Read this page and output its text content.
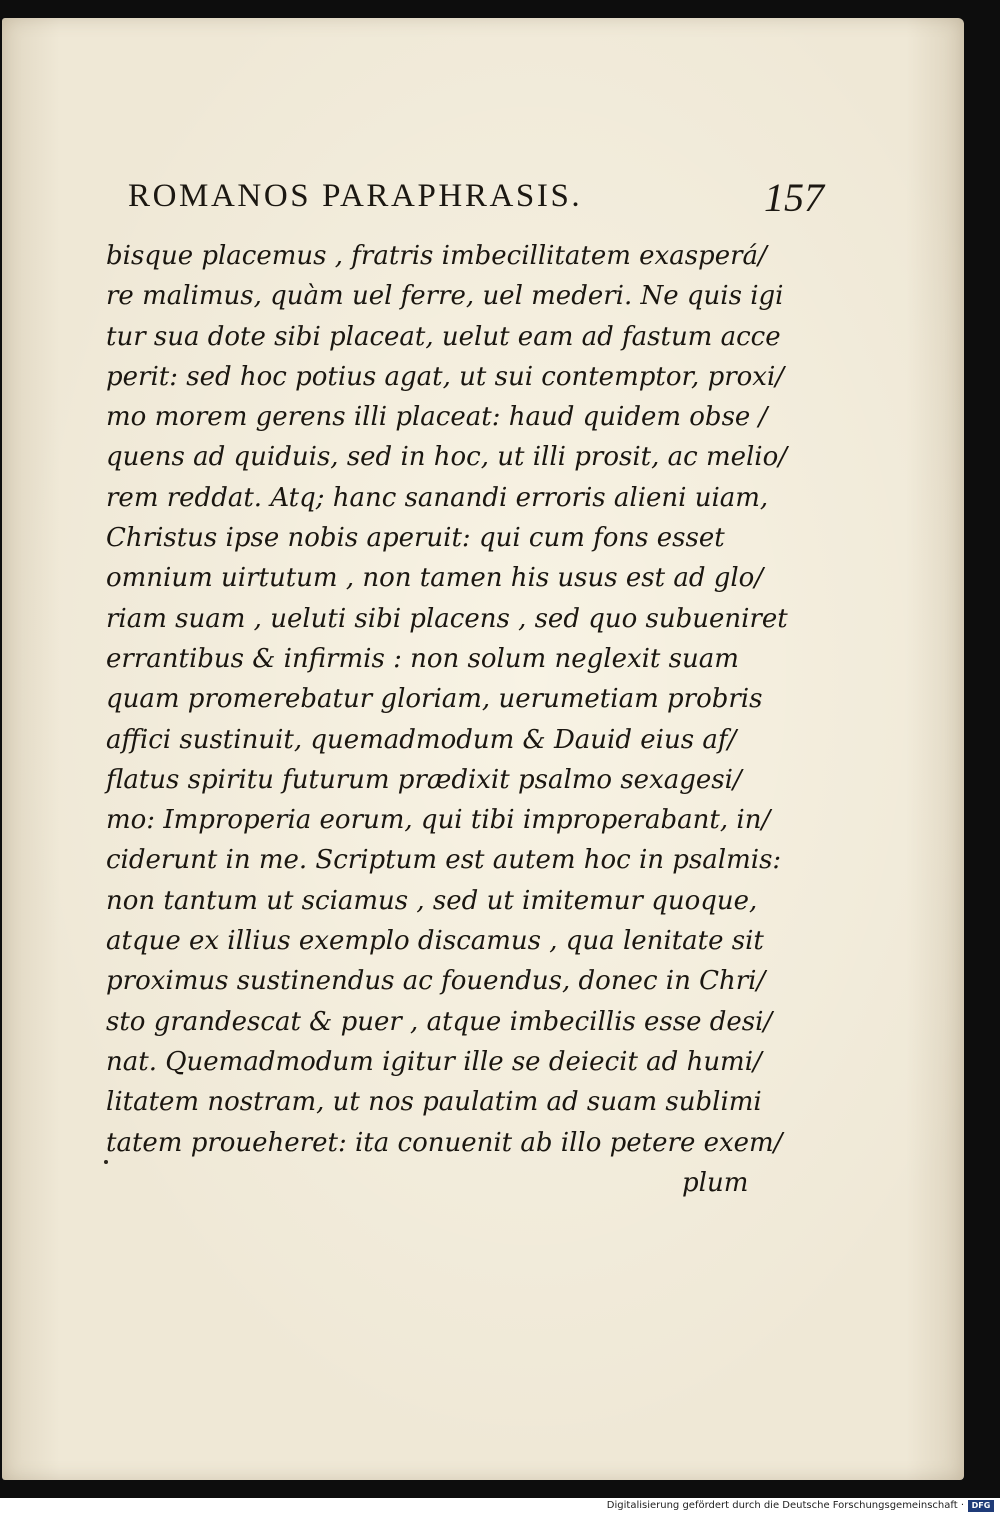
ROMANOS PARAPHRASIS.	157
bisque placemus , fratris imbecillitatem exasperá/
re malimus, quàm uel ferre, uel mederi. Ne quis igi
tur sua dote sibi placeat, uelut eam ad fastum acce
perit: sed hoc potius agat, ut sui contemptor, proxi/
mo morem gerens illi placeat: haud quidem obse /
quens ad quiduis, sed in hoc, ut illi prosit, ac melio/
rem reddat. Atq; hanc sanandi erroris alieni uiam,
Christus ipse nobis aperuit: qui cum fons esset
omnium uirtutum , non tamen his usus est ad glo/
riam suam , ueluti sibi placens , sed quo subueniret
errantibus & infirmis : non solum neglexit suam
quam promerebatur gloriam, uerumetiam probris
affici sustinuit, quemadmodum & Dauid eius af/
flatus spiritu futurum prædixit psalmo sexagesi/
mo: Improperia eorum, qui tibi improperabant, in/
ciderunt in me. Scriptum est autem hoc in psalmis:
non tantum ut sciamus , sed ut imitemur quoque,
atque ex illius exemplo discamus , qua lenitate sit
proximus sustinendus ac fouendus, donec in Chri/
sto grandescat & puer , atque imbecillis esse desi/
nat. Quemadmodum igitur ille se deiecit ad humi/
litatem nostram, ut nos paulatim ad suam sublimi
tatem proueheret: ita conuenit ab illo petere exem/
plum
Digitalisierung gefördert durch die Deutsche Forschungsgemeinschaft · DFG
